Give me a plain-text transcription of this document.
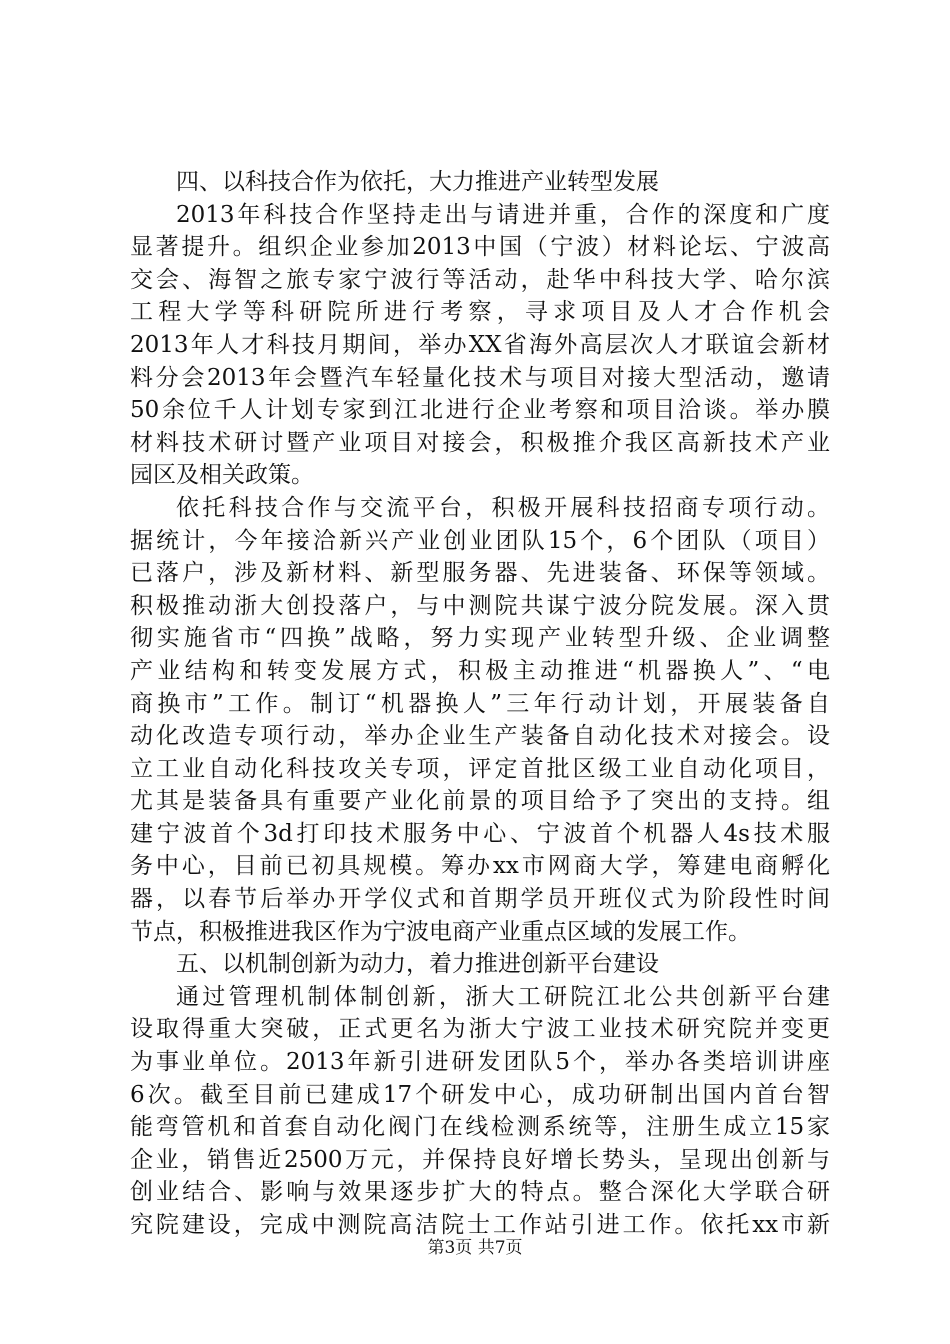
四、以科技合作为依托，大力推进产业转型发展
2013年科技合作坚持走出与请进并重，合作的深度和广度
显著提升。组织企业参加2013中国（宁波）材料论坛、宁波高
交会、海智之旅专家宁波行等活动，赴华中科技大学、哈尔滨
工程大学等科研院所进行考察，寻求项目及人才合作机会
2013年人才科技月期间，举办XX省海外高层次人才联谊会新材
料分会2013年会暨汽车轻量化技术与项目对接大型活动，邀请
50余位千人计划专家到江北进行企业考察和项目洽谈。举办膜
材料技术研讨暨产业项目对接会，积极推介我区高新技术产业
园区及相关政策。
依托科技合作与交流平台，积极开展科技招商专项行动。
据统计，今年接洽新兴产业创业团队15个，6个团队（项目）
已落户，涉及新材料、新型服务器、先进装备、环保等领域。
积极推动浙大创投落户，与中测院共谋宁波分院发展。深入贯
彻实施省市“四换”战略，努力实现产业转型升级、企业调整
产业结构和转变发展方式，积极主动推进“机器换人”、“电
商换市”工作。制订“机器换人”三年行动计划，开展装备自
动化改造专项行动，举办企业生产装备自动化技术对接会。设
立工业自动化科技攻关专项，评定首批区级工业自动化项目，
尤其是装备具有重要产业化前景的项目给予了突出的支持。组
建宁波首个3d打印技术服务中心、宁波首个机器人4s技术服
务中心，目前已初具规模。筹办xx市网商大学，筹建电商孵化
器，以春节后举办开学仪式和首期学员开班仪式为阶段性时间
节点，积极推进我区作为宁波电商产业重点区域的发展工作。
五、以机制创新为动力，着力推进创新平台建设
通过管理机制体制创新，浙大工研院江北公共创新平台建
设取得重大突破，正式更名为浙大宁波工业技术研究院并变更
为事业单位。2013年新引进研发团队5个，举办各类培训讲座
6次。截至目前已建成17个研发中心，成功研制出国内首台智
能弯管机和首套自动化阀门在线检测系统等，注册生成立15家
企业，销售近2500万元，并保持良好增长势头，呈现出创新与
创业结合、影响与效果逐步扩大的特点。整合深化大学联合研
究院建设，完成中测院高洁院士工作站引进工作。依托xx市新
第3页 共7页
